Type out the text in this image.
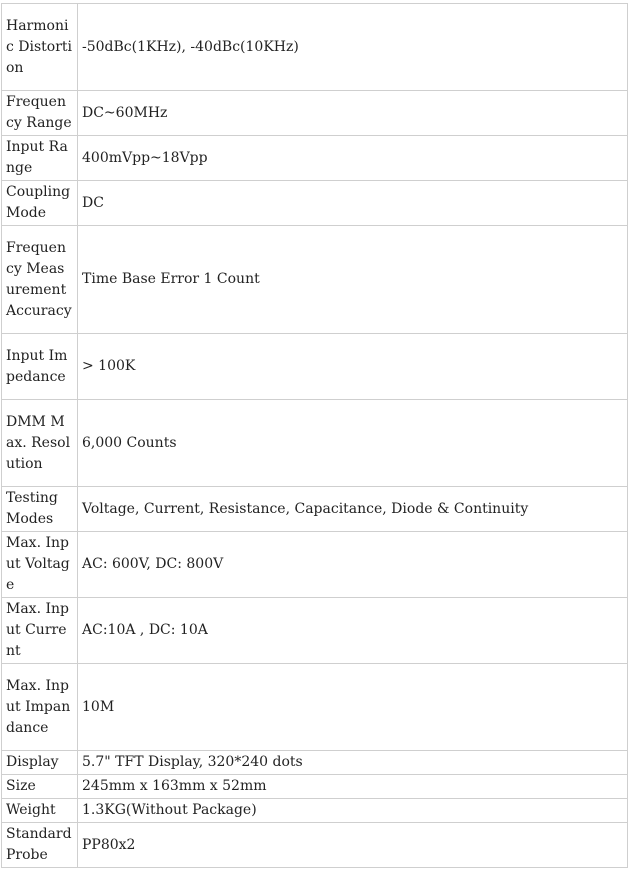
Harmonic Distortion	-50dBc(1KHz), -40dBc(10KHz)
Frequency Range	DC~60MHz
Input Range	400mVpp~18Vpp
Coupling Mode	DC
Frequency Measurement Accuracy	Time Base Error 1 Count
Input Impedance	> 100K
DMM Max. Resolution	6,000 Counts
Testing Modes	Voltage, Current, Resistance, Capacitance, Diode & Continuity
Max. Input Voltage	AC: 600V, DC: 800V
Max. Input Current	AC:10A , DC: 10A
Max. Input Impandance	10M
Display	5.7" TFT Display, 320*240 dots
Size	245mm x 163mm x 52mm
Weight	1.3KG(Without Package)
Standard Probe	PP80x2
